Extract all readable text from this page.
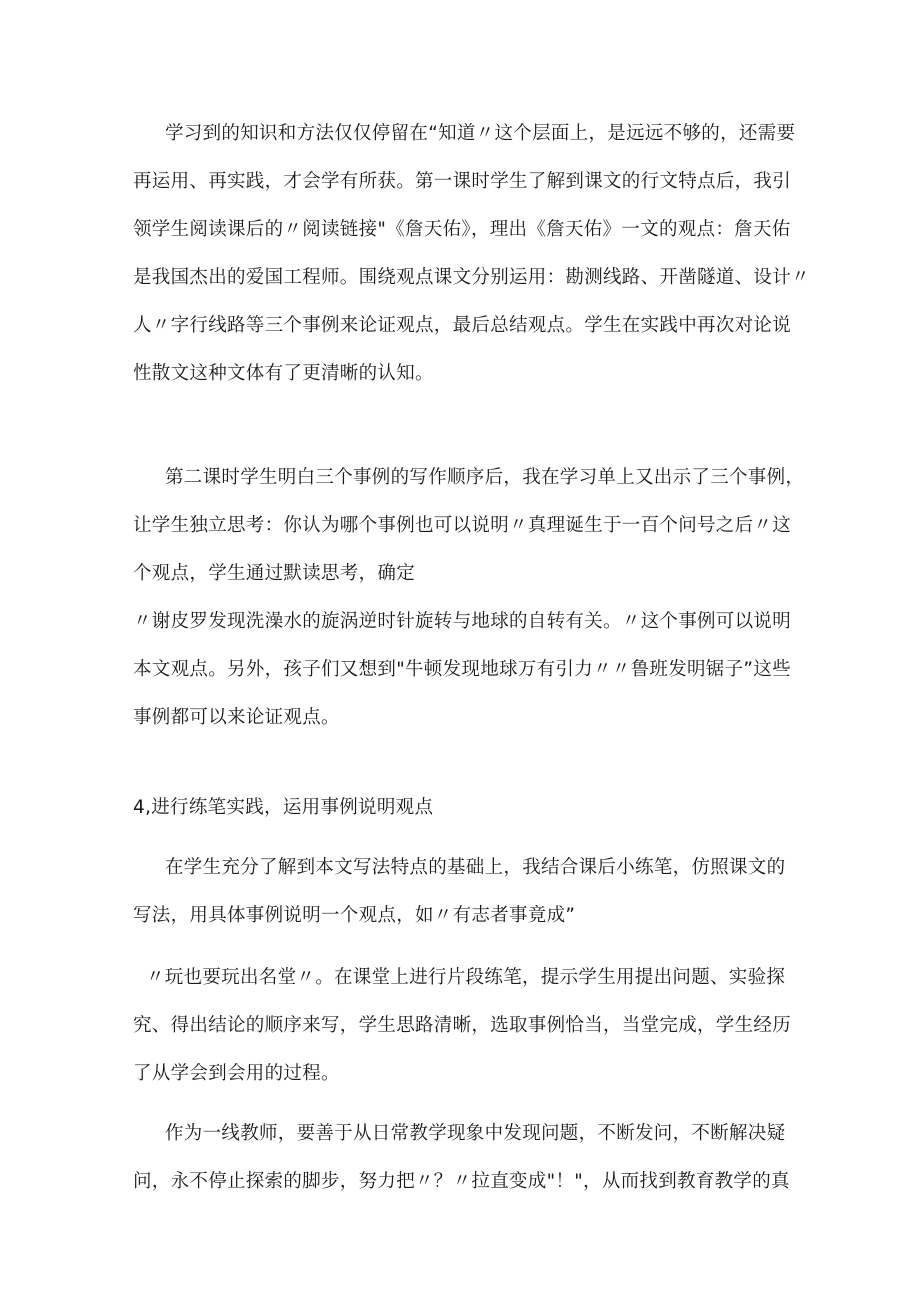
学习到的知识和方法仅仅停留在“知道〃这个层面上，是远远不够的，还需要
再运用、再实践，才会学有所获。第一课时学生了解到课文的行文特点后，我引
领学生阅读课后的〃阅读链接"《詹天佑》，理出《詹天佑》一文的观点：詹天佑
是我国杰出的爱国工程师。围绕观点课文分别运用：勘测线路、开凿隧道、设计〃
人〃字行线路等三个事例来论证观点，最后总结观点。学生在实践中再次对论说
性散文这种文体有了更清晰的认知。
第二课时学生明白三个事例的写作顺序后，我在学习单上又出示了三个事例，
让学生独立思考：你认为哪个事例也可以说明〃真理诞生于一百个问号之后〃这
个观点，学生通过默读思考，确定
〃谢皮罗发现洗澡水的旋涡逆时针旋转与地球的自转有关。〃这个事例可以说明
本文观点。另外，孩子们又想到"牛顿发现地球万有引力〃〃鲁班发明锯子”这些
事例都可以来论证观点。
4,进行练笔实践，运用事例说明观点
在学生充分了解到本文写法特点的基础上，我结合课后小练笔，仿照课文的
写法，用具体事例说明一个观点，如〃有志者事竟成”
〃玩也要玩出名堂〃。在课堂上进行片段练笔，提示学生用提出问题、实验探
究、得出结论的顺序来写，学生思路清晰，选取事例恰当，当堂完成，学生经历
了从学会到会用的过程。
作为一线教师，要善于从日常教学现象中发现问题，不断发问，不断解决疑
问，永不停止探索的脚步，努力把〃？〃拉直变成"！"，从而找到教育教学的真
